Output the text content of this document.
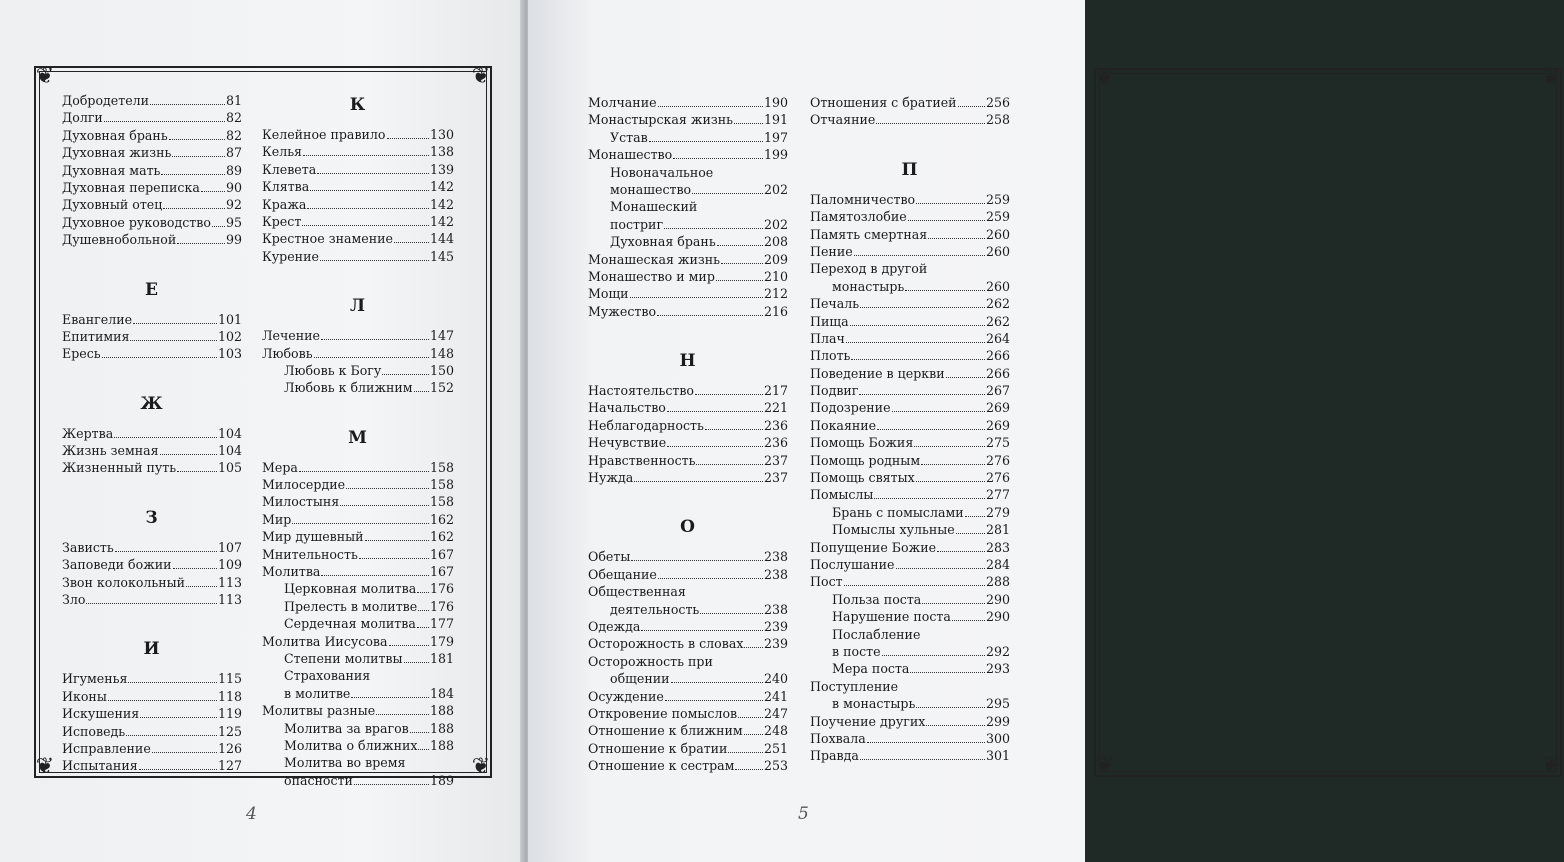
❦	❦
❦	❦
Добродетели	81
Долги	82
Духовная брань	82
Духовная жизнь	87
Духовная мать	89
Духовная переписка 90
Духовный отец	92
Духовное руководство 95
Душевнобольной	99
Е
Евангелие	101
Епитимия	102
Ересь	103
Ж
Жертва	104
Жизнь земная	104
Жизненный путь	105
З
Зависть	107
Заповеди божии	109
Звон колокольный	113
Зло	113
И
Игуменья	115
Иконы	118
Искушения	119
Исповедь	125
Исправление	126
Испытания	127
К
Келейное правило	130
Келья	138
Клевета	139
Клятва	142
Кража	142
Крест	142
Крестное знамение	144
Курение	145
Л
Лечение	147
Любовь	148
Любовь к Богу	150
Любовь к ближним 152
М
Мера	158
Милосердие	158
Милостыня	158
Мир	162
Мир душевный	162
Мнительность	167
Молитва	167
Церковная молитва 176
Прелесть в молитве 176
Сердечная молитва 177
Молитва Иисусова	179
Степени молитвы 181
Страхования
в молитве	184
Молитвы разные	188
Молитва за врагов 188
Молитва о ближних 188
Молитва во время
опасности	189
4
❦	❦
❦	❦
Молчание	190
Монастырская жизнь 191
Устав	197
Монашество	199
Новоначальное
монашество	202
Монашеский
постриг	202
Духовная брань	208
Монашеская жизнь	209
Монашество и мир	210
Мощи	212
Мужество	216
Н
Настоятельство	217
Начальство	221
Неблагодарность	236
Нечувствие	236
Нравственность	237
Нужда	237
О
Обеты	238
Обещание	238
Общественная
деятельность	238
Одежда	239
Осторожность в словах 239
Осторожность при
общении	240
Осуждение	241
Откровение помыслов 247
Отношение к ближним 248
Отношение к братии	251
Отношение к сестрам 253
Отношения с братией 256
Отчаяние	258
П
Паломничество	259
Памятозлобие	259
Память смертная	260
Пение	260
Переход в другой
монастырь	260
Печаль	262
Пища	262
Плач	264
Плоть	266
Поведение в церкви	266
Подвиг	267
Подозрение	269
Покаяние	269
Помощь Божия	275
Помощь родным	276
Помощь святых	276
Помыслы	277
Брань с помыслами 279
Помыслы хульные 281
Попущение Божие	283
Послушание	284
Пост	288
Польза поста	290
Нарушение поста	290
Послабление
в посте	292
Мера поста	293
Поступление
в монастырь	295
Поучение других	299
Похвала	300
Правда	301
5
